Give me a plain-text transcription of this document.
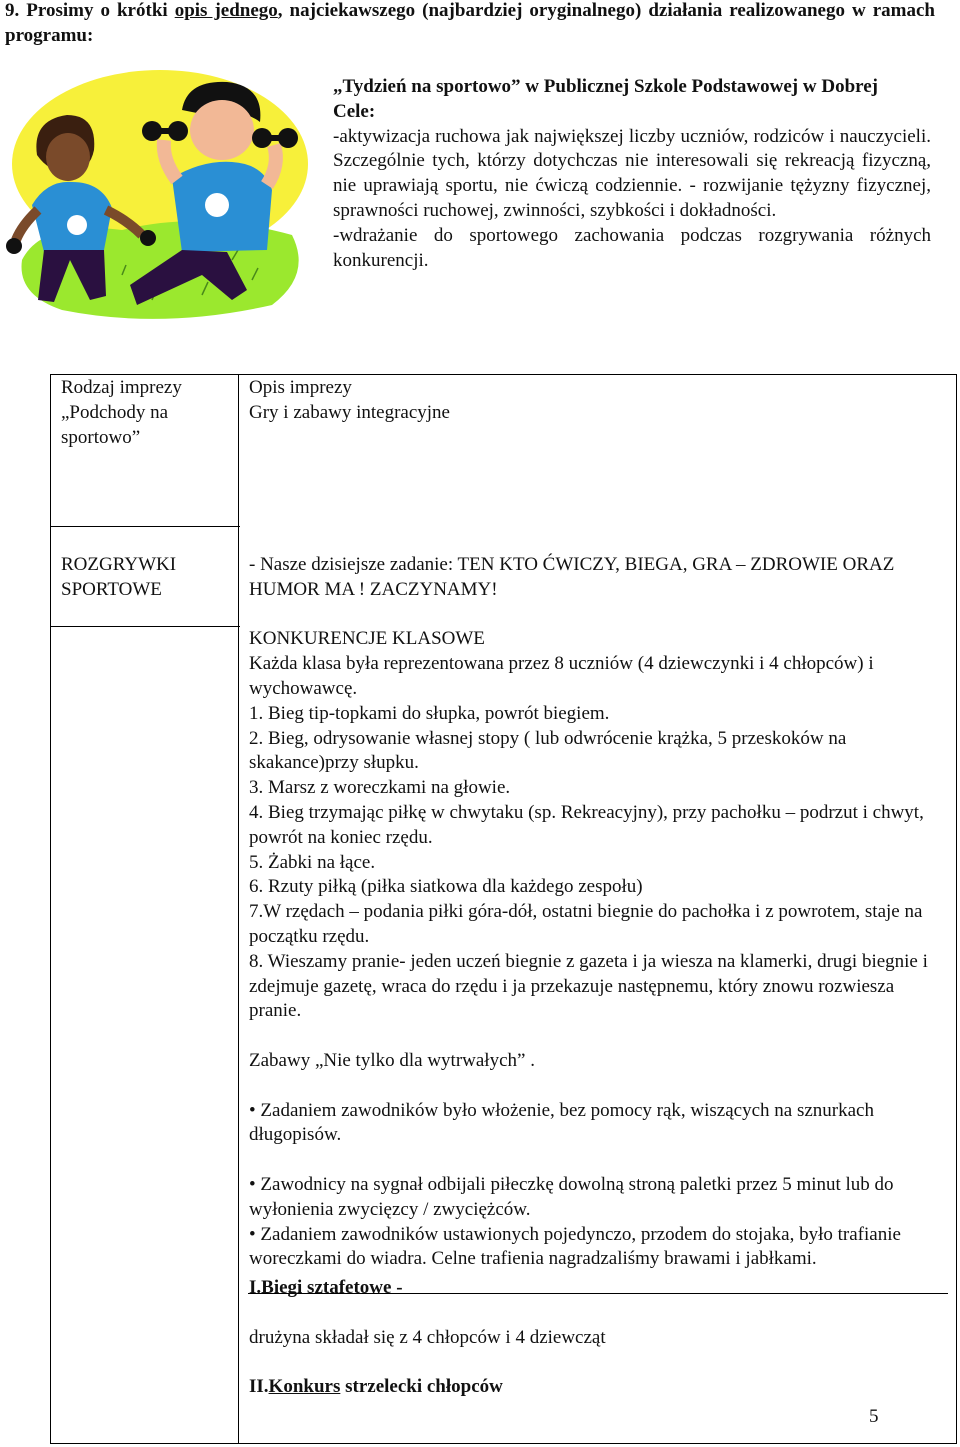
9. Prosimy o krótki opis jednego, najciekawszego (najbardziej oryginalnego) działania realizowanego w ramach programu:

„Tydzień na sportowo” w Publicznej Szkole Podstawowej w Dobrej

Cele:

-aktywizacja ruchowa jak największej liczby uczniów, rodziców i nauczycieli. Szczególnie tych, którzy dotychczas nie interesowali się rekreacją fizyczną, nie uprawiają sportu, nie ćwiczą codziennie. - rozwijanie tężyzny fizycznej, sprawności ruchowej, zwinności, szybkości i dokładności.

-wdrażanie do sportowego zachowania podczas rozgrywania różnych konkurencji.

Rodzaj imprezy	Opis imprezy
„Podchody na sportowo”
Gry i zabawy integracyjne
ROZGRYWKI SPORTOWE

- Nasze dzisiejsze zadanie: TEN KTO ĆWICZY, BIEGA, GRA – ZDROWIE ORAZ HUMOR MA ! ZACZYNAMY!

KONKURENCJE KLASOWE

Każda klasa była reprezentowana przez 8 uczniów (4 dziewczynki i 4 chłopców) i wychowawcę.

1. Bieg tip-topkami do słupka, powrót biegiem.

2. Bieg, odrysowanie własnej stopy ( lub odwrócenie krążka, 5 przeskoków na skakance)przy słupku.

3. Marsz z woreczkami na głowie.

4. Bieg trzymając piłkę w chwytaku (sp. Rekreacyjny), przy pachołku – podrzut i chwyt, powrót na koniec rzędu.

5. Żabki na łące.

6. Rzuty piłką (piłka siatkowa dla każdego zespołu)

7.W rzędach – podania piłki góra-dół, ostatni biegnie do pachołka i z powrotem, staje na początku rzędu.

8. Wieszamy pranie- jeden uczeń biegnie z gazeta i ja wiesza na klamerki, drugi biegnie i zdejmuje gazetę, wraca do rzędu i ja przekazuje następnemu, który znowu rozwiesza pranie.

Zabawy „Nie tylko dla wytrwałych” .

• Zadaniem zawodników było włożenie, bez pomocy rąk, wiszących na sznurkach długopisów.

• Zawodnicy na sygnał odbijali piłeczkę dowolną stroną paletki przez 5 minut lub do wyłonienia zwycięzcy / zwyciężców.

• Zadaniem zawodników ustawionych pojedynczo, przodem do stojaka, było trafianie woreczkami do wiadra. Celne trafienia nagradzaliśmy brawami i jabłkami.

I.Biegi sztafetowe -

drużyna składał się z 4 chłopców i 4 dziewcząt

II.Konkurs strzelecki chłopców

5
